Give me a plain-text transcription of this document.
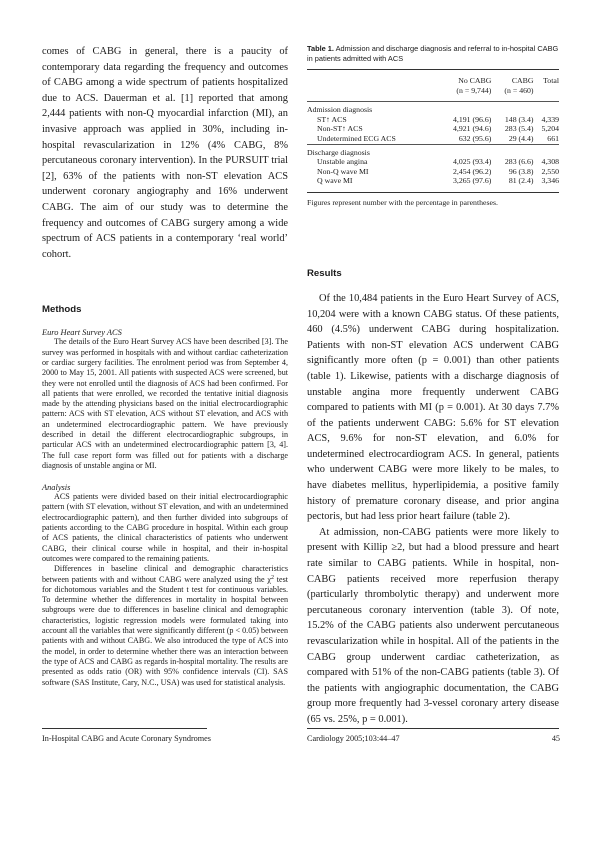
comes of CABG in general, there is a paucity of contemporary data regarding the frequency and outcomes of CABG among a wide spectrum of patients hospitalized due to ACS. Dauerman et al. [1] reported that among 2,444 patients with non-Q myocardial infarction (MI), an invasive approach was applied in 30%, including in-hospital revascularization in 12% (4% CABG, 8% percutaneous coronary intervention). In the PURSUIT trial [2], 63% of the patients with non-ST elevation ACS underwent coronary angiography and 16% underwent CABG. The aim of our study was to determine the frequency and outcomes of CABG surgery among a wide spectrum of ACS patients in a contemporary ‘real world’ cohort.

Methods

Euro Heart Survey ACS

The details of the Euro Heart Survey ACS have been described [3]. The survey was performed in hospitals with and without cardiac catheterization or cardiac surgery facilities. The enrolment period was from September 4, 2000 to May 15, 2001. All patients with suspected ACS were screened, but they were not enrolled until the diagnosis of ACS had been confirmed. For all patients that were enrolled, we recorded the tentative initial diagnosis made by the attending physicians based on the initial electrocardiographic pattern: ACS with ST elevation, ACS without ST elevation, and ACS with an undetermined electrocardiographic pattern. We have previously described in detail the different electrocardiographic subgroups, in particular ACS with an undetermined electrocardiographic pattern [3, 4]. The full case report form was filled out for patients with a discharge diagnosis of unstable angina or MI.

Analysis

ACS patients were divided based on their initial electrocardiographic pattern (with ST elevation, without ST elevation, and with an undetermined electrocardiographic pattern), and then further divided into subgroups of patients according to the CABG procedure in hospital. Within each group of ACS patients, the clinical characteristics of patients who underwent CABG, their clinical course while in hospital, and their in-hospital outcomes were compared to the remaining patients.

Differences in baseline clinical and demographic characteristics between patients with and without CABG were analyzed using the $\chi^2$ test for dichotomous variables and the Student t test for continuous variables. To determine whether the differences in mortality in hospital between subgroups were due to differences in baseline clinical and demographic characteristics, logistic regression models were formulated taking into account all the variables that were significantly different (p < 0.05) between patients with and without CABG. We also introduced the type of ACS into the model, in order to determine whether there was an interaction between the type of ACS and CABG as regards in-hospital mortality. The results are presented as odds ratio (OR) with 95% confidence intervals (CI). SAS software (SAS Institute, Cary, N.C., USA) was used for statistical analysis.

Table 1. Admission and discharge diagnosis and referral to in-hospital CABG in patients admitted with ACS

	No CABG	CABG	Total
	(n = 9,744)	(n = 460)	
Admission diagnosis			
ST↑ ACS	4,191 (96.6)	148 (3.4)	4,339
Non-ST↑ ACS	4,921 (94.6)	283 (5.4)	5,204
Undetermined ECG ACS	632 (95.6)	29 (4.4)	661
Discharge diagnosis			
Unstable angina	4,025 (93.4)	283 (6.6)	4,308
Non-Q wave MI	2,454 (96.2)	96 (3.8)	2,550
Q wave MI	3,265 (97.6)	81 (2.4)	3,346
Figures represent number with the percentage in parentheses.			

Results

Of the 10,484 patients in the Euro Heart Survey of ACS, 10,204 were with a known CABG status. Of these patients, 460 (4.5%) underwent CABG during hospitalization. Patients with non-ST elevation ACS underwent CABG significantly more often (p = 0.001) than other patients (table 1). Likewise, patients with a discharge diagnosis of unstable angina more frequently underwent CABG compared to patients with MI (p = 0.001). At 30 days 7.7% of the patients underwent CABG: 5.6% for ST elevation ACS, 9.6% for non-ST elevation, and 6.0% for undetermined electrocardiogram ACS. In general, patients who underwent CABG were more likely to be males, to have diabetes mellitus, hyperlipidemia, a positive family history of premature coronary disease, and prior angina pectoris, but had less prior heart failure (table 2).

At admission, non-CABG patients were more likely to present with Killip ≥2, but had a blood pressure and heart rate similar to CABG patients. While in hospital, non-CABG patients received more reperfusion therapy (particularly thrombolytic therapy) and underwent more percutaneous coronary intervention (table 3). Of note, 15.2% of the CABG patients also underwent percutaneous revascularization while in hospital. All of the patients in the CABG group underwent cardiac catheterization, as compared with 51% of the non-CABG patients (table 3). Of the patients with angiographic documentation, the CABG group more frequently had 3-vessel coronary artery disease (65 vs. 25%, p = 0.001).

In-Hospital CABG and Acute Coronary Syndromes	Cardiology 2005;103:44–47	45
